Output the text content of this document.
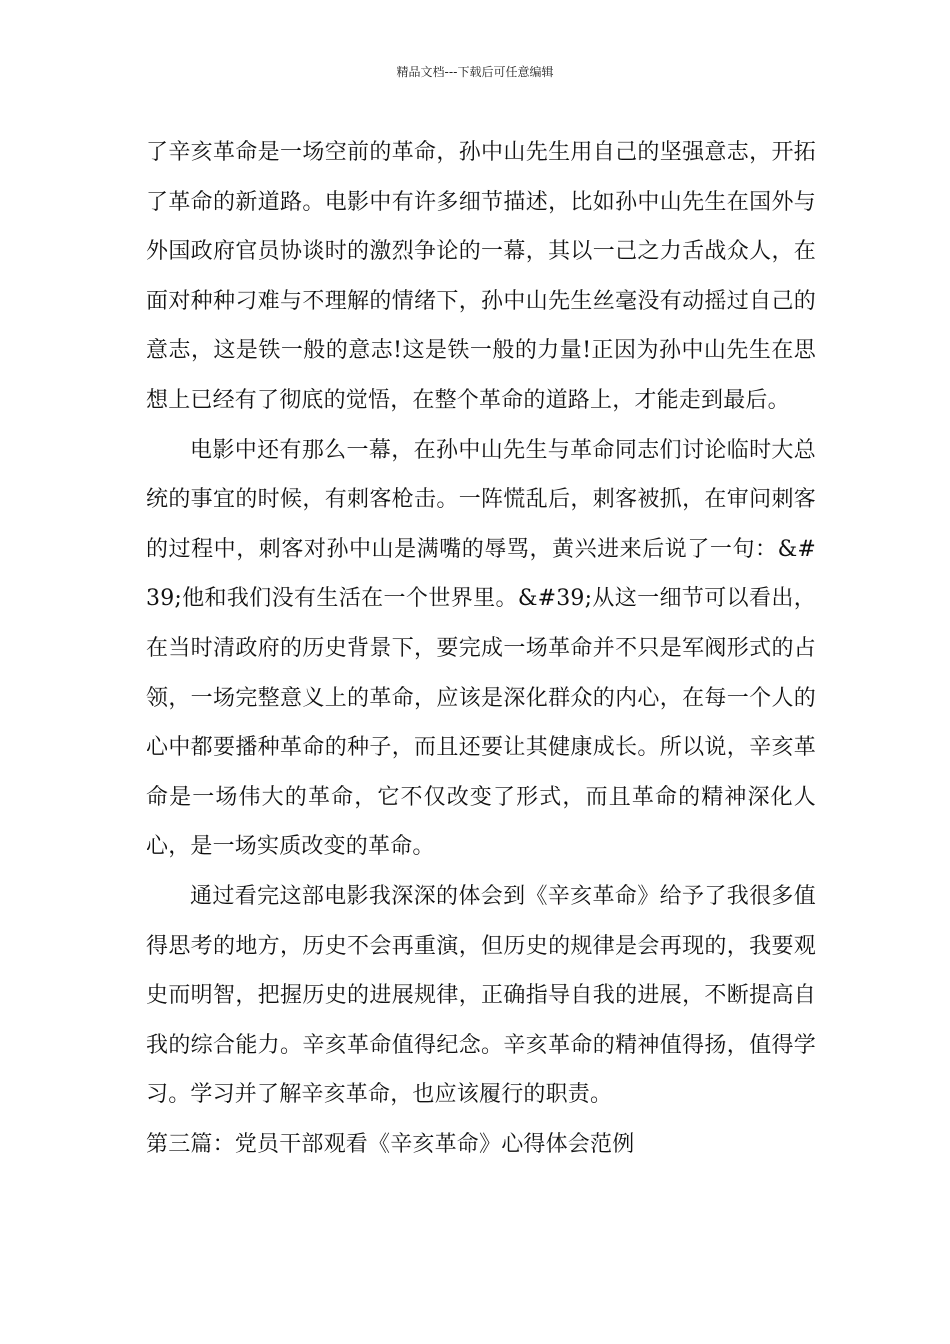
精品文档---下载后可任意编辑

了辛亥革命是一场空前的革命，孙中山先生用自己的坚强意志，开拓了革命的新道路。电影中有许多细节描述，比如孙中山先生在国外与外国政府官员协谈时的激烈争论的一幕，其以一己之力舌战众人，在面对种种刁难与不理解的情绪下，孙中山先生丝毫没有动摇过自己的意志，这是铁一般的意志!这是铁一般的力量!正因为孙中山先生在思想上已经有了彻底的觉悟，在整个革命的道路上，才能走到最后。

电影中还有那么一幕，在孙中山先生与革命同志们讨论临时大总统的事宜的时候，有刺客枪击。一阵慌乱后，刺客被抓，在审问刺客的过程中，刺客对孙中山是满嘴的辱骂，黄兴进来后说了一句：&#39;他和我们没有生活在一个世界里。&#39;从这一细节可以看出，在当时清政府的历史背景下，要完成一场革命并不只是军阀形式的占领，一场完整意义上的革命，应该是深化群众的内心，在每一个人的心中都要播种革命的种子，而且还要让其健康成长。所以说，辛亥革命是一场伟大的革命，它不仅改变了形式，而且革命的精神深化人心，是一场实质改变的革命。

通过看完这部电影我深深的体会到《辛亥革命》给予了我很多值得思考的地方，历史不会再重演，但历史的规律是会再现的，我要观史而明智，把握历史的进展规律，正确指导自我的进展，不断提高自我的综合能力。辛亥革命值得纪念。辛亥革命的精神值得扬，值得学习。学习并了解辛亥革命，也应该履行的职责。

第三篇：党员干部观看《辛亥革命》心得体会范例
